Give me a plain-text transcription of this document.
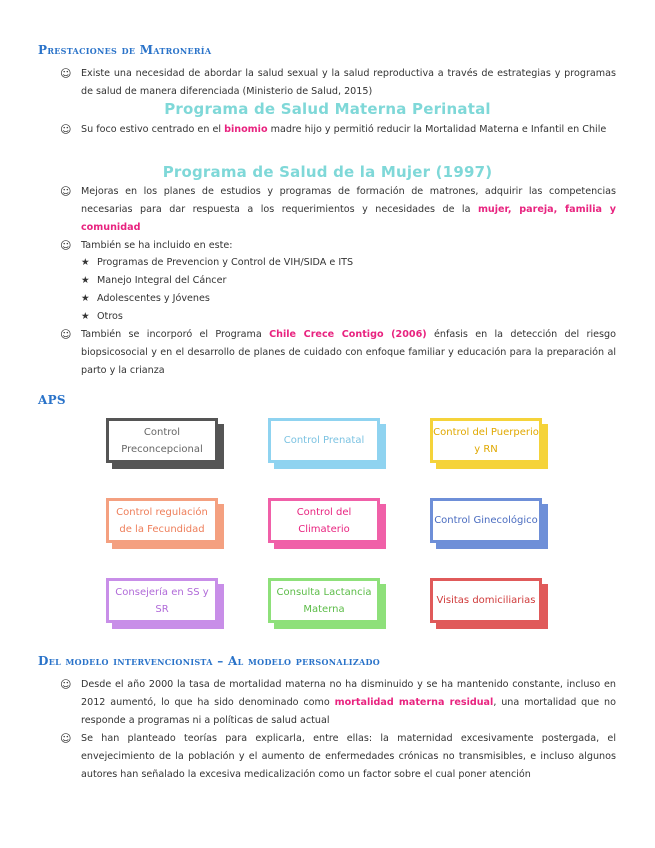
Prestaciones de Matronería
☺ Existe una necesidad de abordar la salud sexual y la salud reproductiva a través de estrategias y programas de salud de manera diferenciada (Ministerio de Salud, 2015)
Programa de Salud Materna Perinatal
☺ Su foco estivo centrado en el binomio madre hijo y permitió reducir la Mortalidad Materna e Infantil en Chile
Programa de Salud de la Mujer (1997)
☺ Mejoras en los planes de estudios y programas de formación de matrones, adquirir las competencias necesarias para dar respuesta a los requerimientos y necesidades de la mujer, pareja, familia y comunidad
☺ También se ha incluido en este:
★ Programas de Prevencion y Control de VIH/SIDA e ITS
★ Manejo Integral del Cáncer
★ Adolescentes y Jóvenes
★ Otros
☺ También se incorporó el Programa Chile Crece Contigo (2006) énfasis en la detección del riesgo biopsicosocial y en el desarrollo de planes de cuidado con enfoque familiar y educación para la preparación al parto y la crianza
APS
Control Preconcepcional
Control Prenatal
Control del Puerperio y RN
Control regulación de la Fecundidad
Control del Climaterio
Control Ginecológico
Consejería en SS y SR
Consulta Lactancia Materna
Visitas domiciliarias
Del modelo intervencionista – Al modelo personalizado
☺ Desde el año 2000 la tasa de mortalidad materna no ha disminuido y se ha mantenido constante, incluso en 2012 aumentó, lo que ha sido denominado como mortalidad materna residual, una mortalidad que no responde a programas ni a políticas de salud actual
☺ Se han planteado teorías para explicarla, entre ellas: la maternidad excesivamente postergada, el envejecimiento de la población y el aumento de enfermedades crónicas no transmisibles, e incluso algunos autores han señalado la excesiva medicalización como un factor sobre el cual poner atención
